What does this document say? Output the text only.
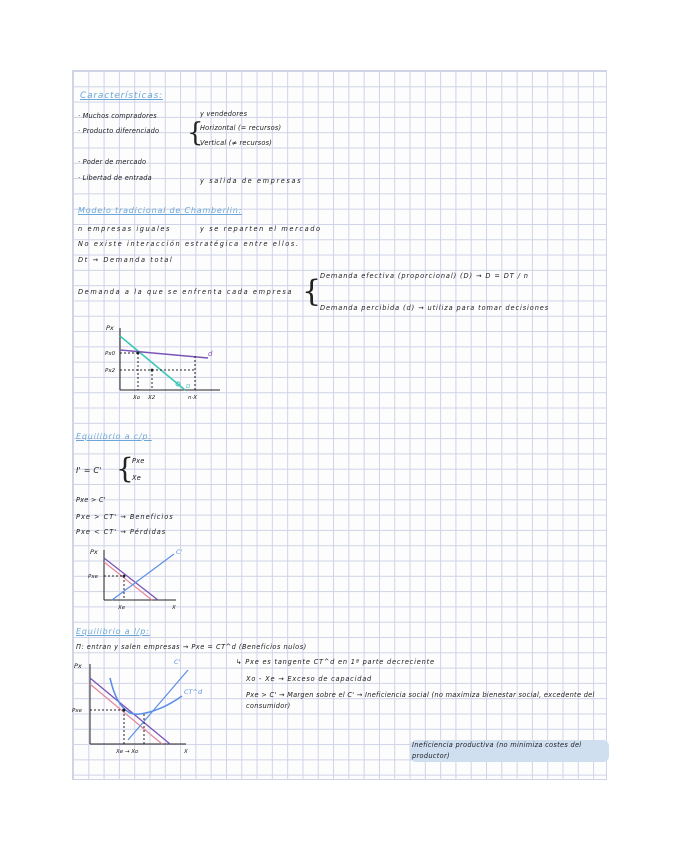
Características:
· Muchos compradores	y vendedores
· Producto diferenciado {
Horizontal (= recursos)
Vertical (≠ recursos)
· Poder de mercado
· Libertad de entrada	y salida de empresas
Modelo tradicional de Chamberlin:
n empresas iguales	y se reparten el mercado
No existe interacción estratégica entre ellos.
Dt → Demanda total
Demanda a la que se enfrenta cada empresa {
Demanda efectiva (proporcional) (D) → D = DT / n
Demanda percibida (d) → utiliza para tomar decisiones
Px
Px0
Px2
Xo X2	n·X
d
D
Equilibrio a c/p:
I' = C' {
Pxe
Xe
Pxe > C'
Pxe > CT' → Beneficios
Pxe < CT' → Pérdidas
Px
Pxe
Xe	X
C'
Equilibrio a l/p:
Π: entran y salen empresas → Pxe = CT^d (Beneficios nulos)
↳ Pxe es tangente CT^d en 1ª parte decreciente
Xo - Xe → Exceso de capacidad
Pxe > C' → Margen sobre el C' → Ineficiencia social (no maximiza bienestar social, excedente del consumidor)
Ineficiencia productiva (no minimiza costes del productor)
Px
Pxe
Xe → Xo	X
C'
CT^d
